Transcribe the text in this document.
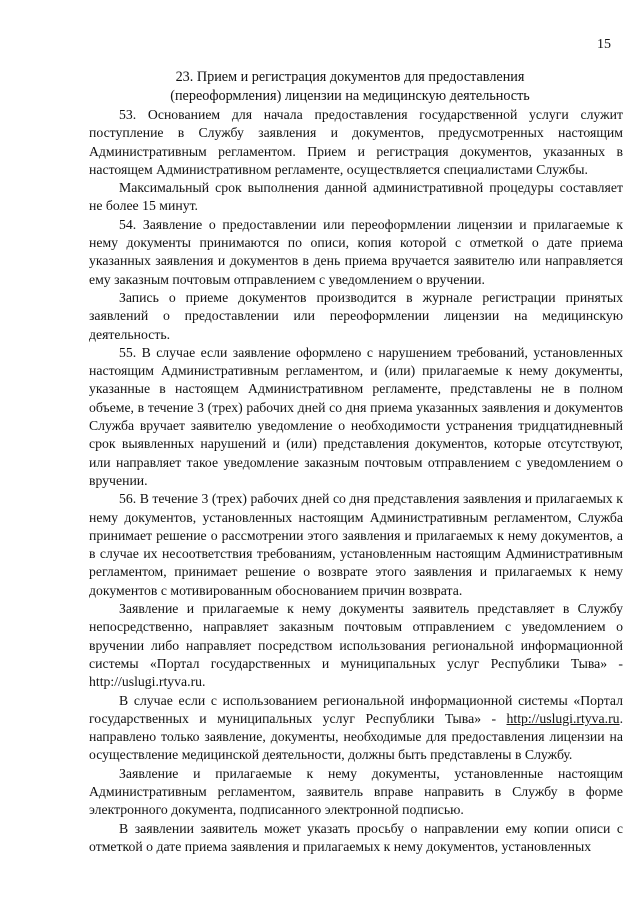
15
23. Прием и регистрация документов для предоставления
(переоформления) лицензии на медицинскую деятельность

53. Основанием для начала предоставления государственной услуги служит поступление в Службу заявления и документов, предусмотренных настоящим Административным регламентом. Прием и регистрация документов, указанных в настоящем Административном регламенте, осуществляется специалистами Службы.

Максимальный срок выполнения данной административной процедуры составляет не более 15 минут.

54. Заявление о предоставлении или переоформлении лицензии и прилагаемые к нему документы принимаются по описи, копия которой с отметкой о дате приема указанных заявления и документов в день приема вручается заявителю или направляется ему заказным почтовым отправлением с уведомлением о вручении.

Запись о приеме документов производится в журнале регистрации принятых заявлений о предоставлении или переоформлении лицензии на медицинскую деятельность.

55. В случае если заявление оформлено с нарушением требований, установленных настоящим Административным регламентом, и (или) прилагаемые к нему документы, указанные в настоящем Административном регламенте, представлены не в полном объеме, в течение 3 (трех) рабочих дней со дня приема указанных заявления и документов Служба вручает заявителю уведомление о необходимости устранения тридцатидневный срок выявленных нарушений и (или) представления документов, которые отсутствуют, или направляет такое уведомление заказным почтовым отправлением с уведомлением о вручении.

56. В течение 3 (трех) рабочих дней со дня представления заявления и прилагаемых к нему документов, установленных настоящим Административным регламентом, Служба принимает решение о рассмотрении этого заявления и прилагаемых к нему документов, а в случае их несоответствия требованиям, установленным настоящим Административным регламентом, принимает решение о возврате этого заявления и прилагаемых к нему документов с мотивированным обоснованием причин возврата.

Заявление и прилагаемые к нему документы заявитель представляет в Службу непосредственно, направляет заказным почтовым отправлением с уведомлением о вручении либо направляет посредством использования региональной информационной системы «Портал государственных и муниципальных услуг Республики Тыва» - http://uslugi.rtyva.ru.

В случае если с использованием региональной информационной системы «Портал государственных и муниципальных услуг Республики Тыва» - http://uslugi.rtyva.ru. направлено только заявление, документы, необходимые для предоставления лицензии на осуществление медицинской деятельности, должны быть представлены в Службу.

Заявление и прилагаемые к нему документы, установленные настоящим Административным регламентом, заявитель вправе направить в Службу в форме электронного документа, подписанного электронной подписью.

В заявлении заявитель может указать просьбу о направлении ему копии описи с отметкой о дате приема заявления и прилагаемых к нему документов, установленных
